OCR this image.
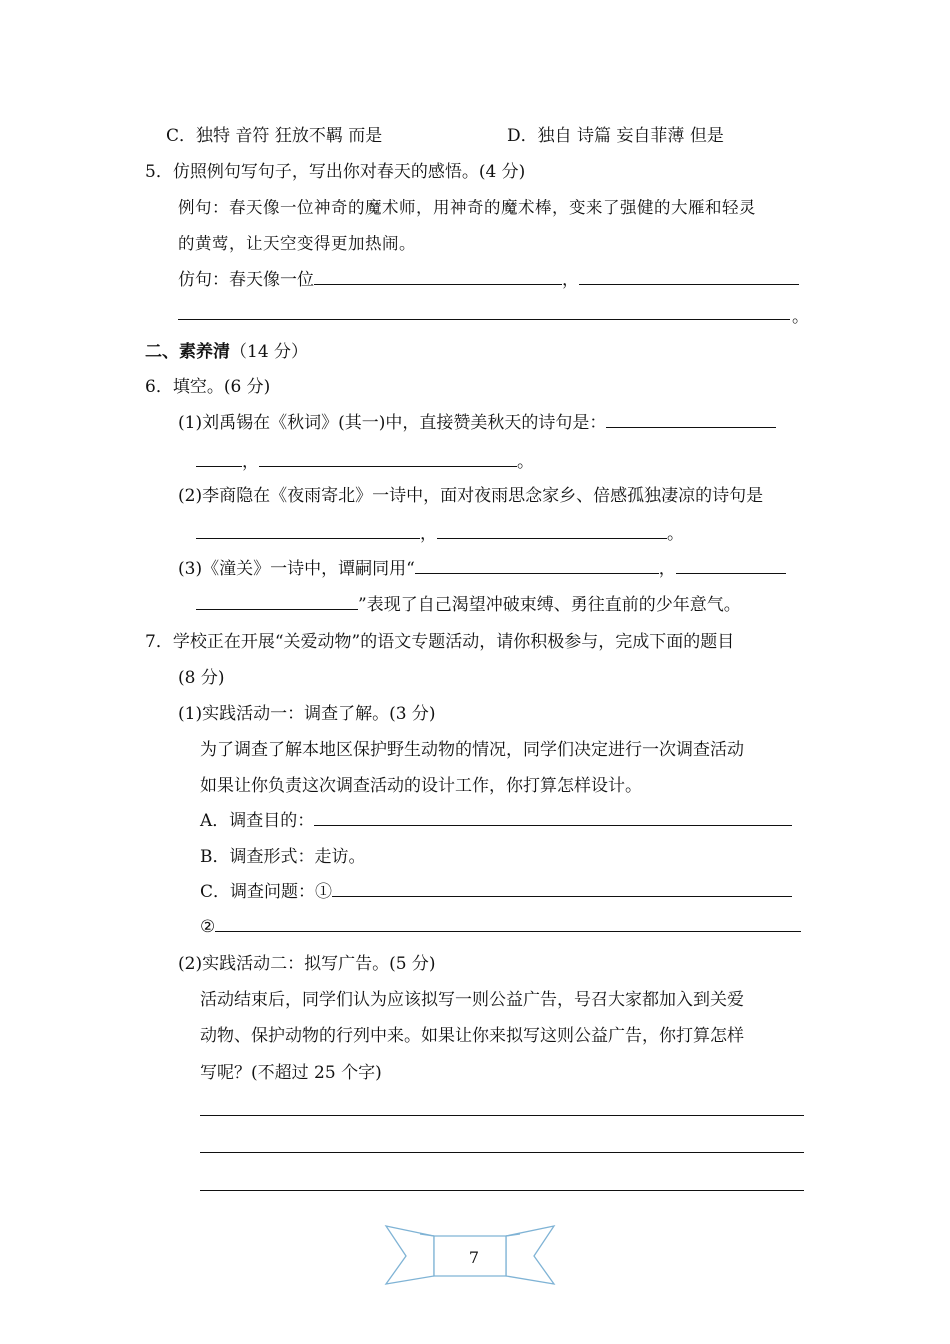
C．独特 音符 狂放不羁 而是	D．独自 诗篇 妄自菲薄 但是
5．仿照例句写句子，写出你对春天的感悟。(4 分)
例句：春天像一位神奇的魔术师，用神奇的魔术棒，变来了强健的大雁和轻灵
的黄莺，让天空变得更加热闹。
仿句：春天像一位	，
。
二、素养清（14 分）
6．填空。(6 分)
(1)刘禹锡在《秋词》(其一)中，直接赞美秋天的诗句是：
，	。
(2)李商隐在《夜雨寄北》一诗中，面对夜雨思念家乡、倍感孤独凄凉的诗句是
，	。
(3)《潼关》一诗中，谭嗣同用“	，
”表现了自己渴望冲破束缚、勇往直前的少年意气。
7．学校正在开展“关爱动物”的语文专题活动，请你积极参与，完成下面的题目
(8 分)
(1)实践活动一：调查了解。(3 分)
为了调查了解本地区保护野生动物的情况，同学们决定进行一次调查活动
如果让你负责这次调查活动的设计工作，你打算怎样设计。
A．调查目的：
B．调查形式：走访。
C．调查问题：①
②
(2)实践活动二：拟写广告。(5 分)
活动结束后，同学们认为应该拟写一则公益广告，号召大家都加入到关爱
动物、保护动物的行列中来。如果让你来拟写这则公益广告，你打算怎样
写呢？(不超过 25 个字)
7
